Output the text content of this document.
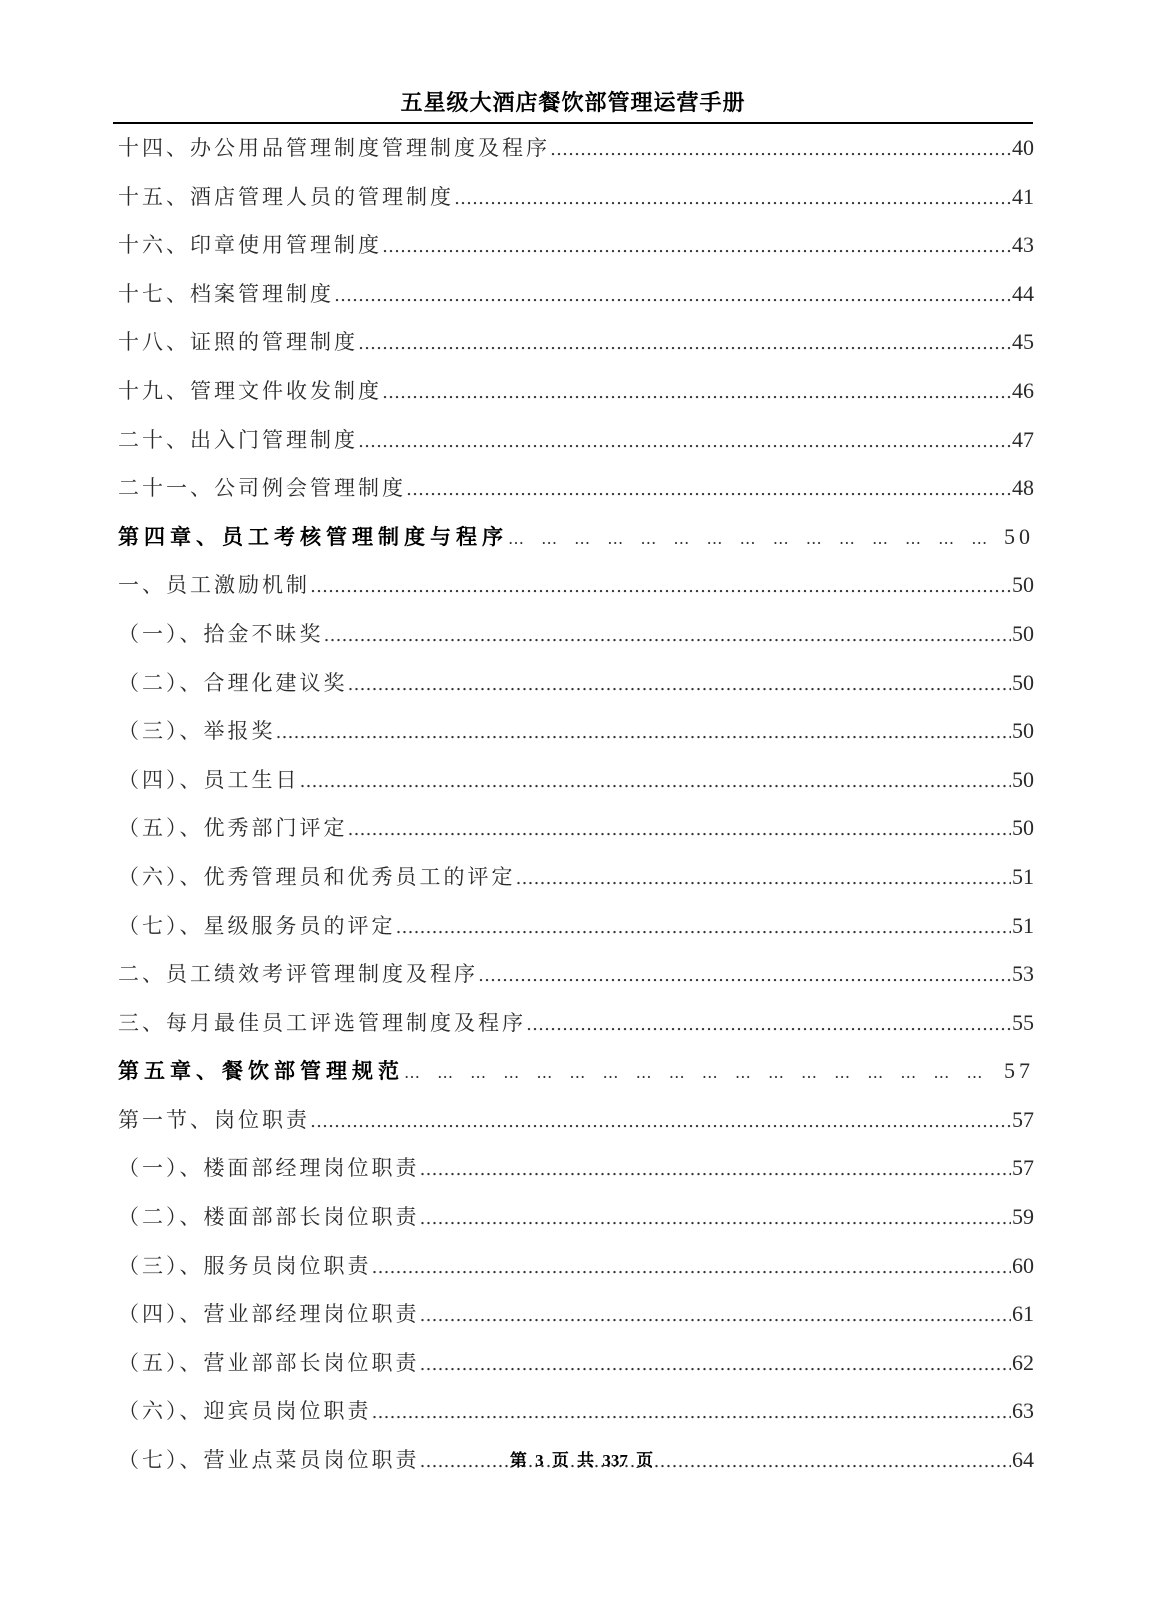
五星级大酒店餐饮部管理运营手册
十四、办公用品管理制度管理制度及程序 ……………………………………………………………………………………………………………………………………………………………………………………………………………………………………………………	40
十五、酒店管理人员的管理制度 ……………………………………………………………………………………………………………………………………………………………………………………………………………………………………………………	41
十六、印章使用管理制度 ……………………………………………………………………………………………………………………………………………………………………………………………………………………………………………………	43
十七、档案管理制度 ……………………………………………………………………………………………………………………………………………………………………………………………………………………………………………………	44
十八、证照的管理制度 ……………………………………………………………………………………………………………………………………………………………………………………………………………………………………………………	45
十九、管理文件收发制度 ……………………………………………………………………………………………………………………………………………………………………………………………………………………………………………………	46
二十、出入门管理制度 ……………………………………………………………………………………………………………………………………………………………………………………………………………………………………………………	47
二十一、公司例会管理制度 ……………………………………………………………………………………………………………………………………………………………………………………………………………………………………………………	48
第四章、员工考核管理制度与程序 … … … … … … … … … … … … … … … … … … … … … … … … … … … … … … … … … … … … … … … … … … … … … … … … …	50
一、员工激励机制 ……………………………………………………………………………………………………………………………………………………………………………………………………………………………………………………	50
（一）、拾金不昧奖 ……………………………………………………………………………………………………………………………………………………………………………………………………………………………………………………	50
（二）、合理化建议奖 ……………………………………………………………………………………………………………………………………………………………………………………………………………………………………………………	50
（三）、举报奖 ……………………………………………………………………………………………………………………………………………………………………………………………………………………………………………………	50
（四）、员工生日 ……………………………………………………………………………………………………………………………………………………………………………………………………………………………………………………	50
（五）、优秀部门评定 ……………………………………………………………………………………………………………………………………………………………………………………………………………………………………………………	50
（六）、优秀管理员和优秀员工的评定 ……………………………………………………………………………………………………………………………………………………………………………………………………………………………………………………	51
（七）、星级服务员的评定 ……………………………………………………………………………………………………………………………………………………………………………………………………………………………………………………	51
二、员工绩效考评管理制度及程序 ……………………………………………………………………………………………………………………………………………………………………………………………………………………………………………………	53
三、每月最佳员工评选管理制度及程序 ……………………………………………………………………………………………………………………………………………………………………………………………………………………………………………………	55
第五章、餐饮部管理规范 … … … … … … … … … … … … … … … … … … … … … … … … … … … … … … … … … … … … … … … … … … … … … … … … …	57
第一节、岗位职责 ……………………………………………………………………………………………………………………………………………………………………………………………………………………………………………………	57
（一）、楼面部经理岗位职责 ……………………………………………………………………………………………………………………………………………………………………………………………………………………………………………………	57
（二）、楼面部部长岗位职责 ……………………………………………………………………………………………………………………………………………………………………………………………………………………………………………………	59
（三）、服务员岗位职责 ……………………………………………………………………………………………………………………………………………………………………………………………………………………………………………………	60
（四）、营业部经理岗位职责 ……………………………………………………………………………………………………………………………………………………………………………………………………………………………………………………	61
（五）、营业部部长岗位职责 ……………………………………………………………………………………………………………………………………………………………………………………………………………………………………………………	62
（六）、迎宾员岗位职责 ……………………………………………………………………………………………………………………………………………………………………………………………………………………………………………………	63
（七）、营业点菜员岗位职责 ……………………………………………………………………………………………………………………………………………………………………………………………………………………………………………………	64
第 3 页 共 337 页
